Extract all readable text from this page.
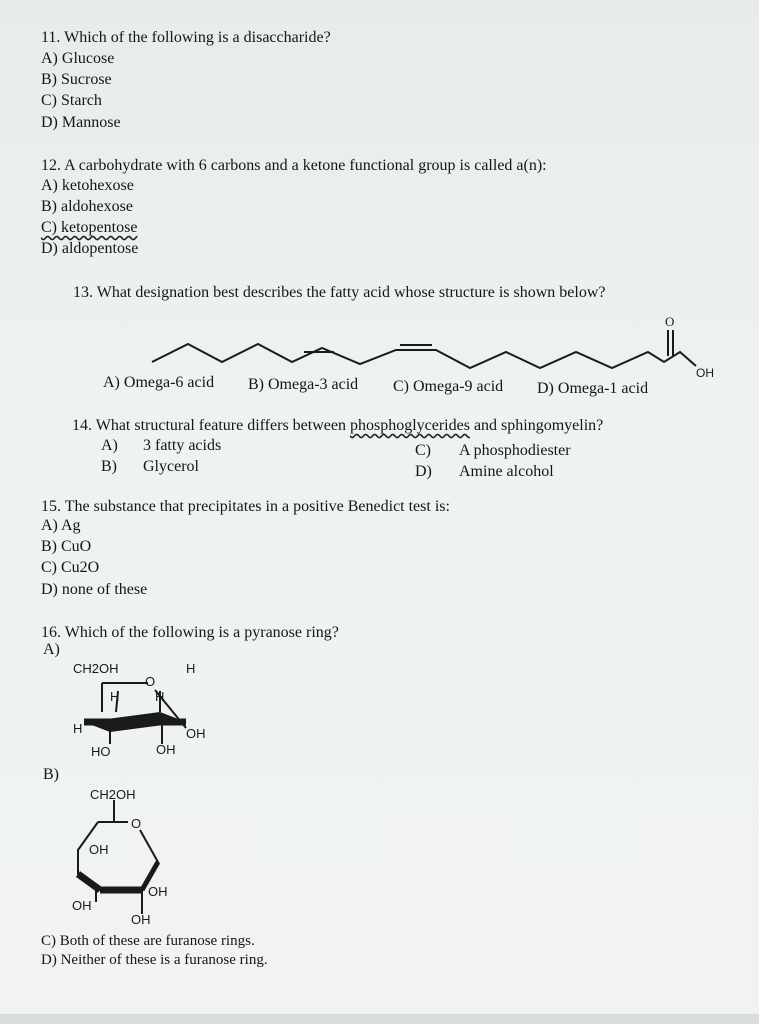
11. Which of the following is a disaccharide?
A) Glucose
B) Sucrose
C) Starch
D) Mannose
12. A carbohydrate with 6 carbons and a ketone functional group is called a(n):
A) ketohexose
B) aldohexose
C) ketopentose
D) aldopentose
13. What designation best describes the fatty acid whose structure is shown below?
O
OH
CH2OH
O
H
H	H
H	OH
HO	OH
CH2OH
O
OH
OH
OH
OH
A) Omega-6 acid B) Omega-3 acid C) Omega-9 acid D) Omega-1 acid
14. What structural feature differs between phosphoglycerides and sphingomyelin?
A) 3 fatty acids
B) Glycerol
C) A phosphodiester
D) Amine alcohol
15. The substance that precipitates in a positive Benedict test is:
A) Ag
B) CuO
C) Cu2O
D) none of these
16. Which of the following is a pyranose ring?
A)
B)
C) Both of these are furanose rings.
D) Neither of these is a furanose ring.
